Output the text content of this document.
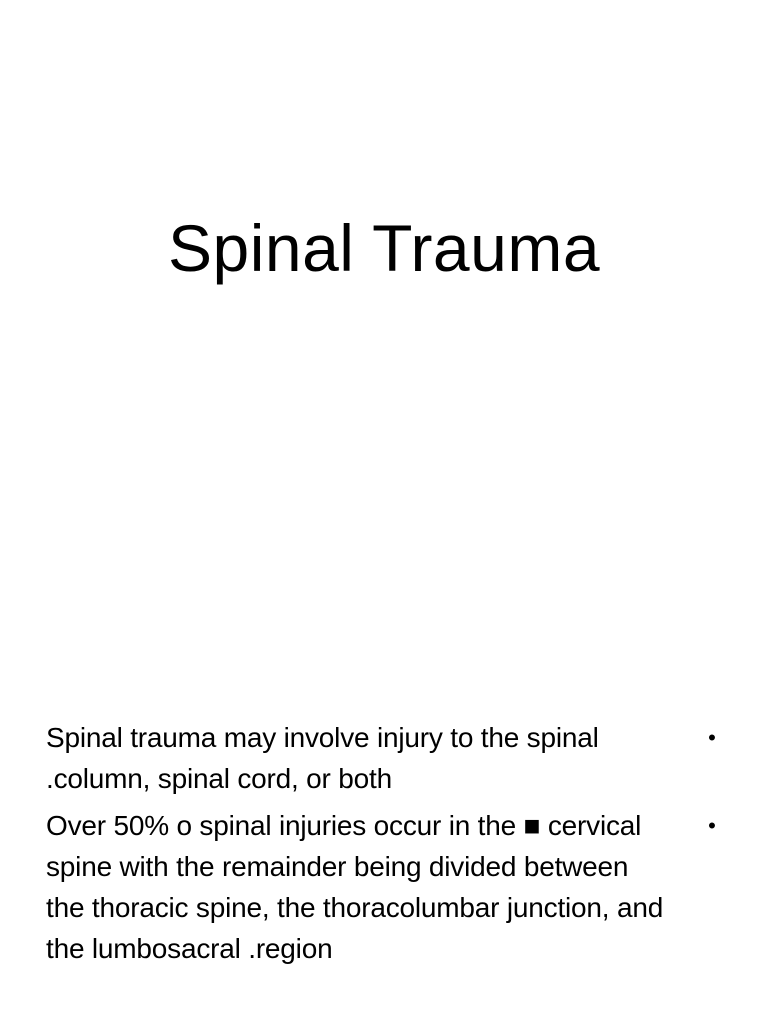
Spinal Trauma
Spinal trauma may involve injury to the spinal .column, spinal cord, or both
•
Over 50% o spinal injuries occur in the ■ cervical spine with the remainder being divided between the thoracic spine, the thoracolumbar junction, and the lumbosacral .region
•
